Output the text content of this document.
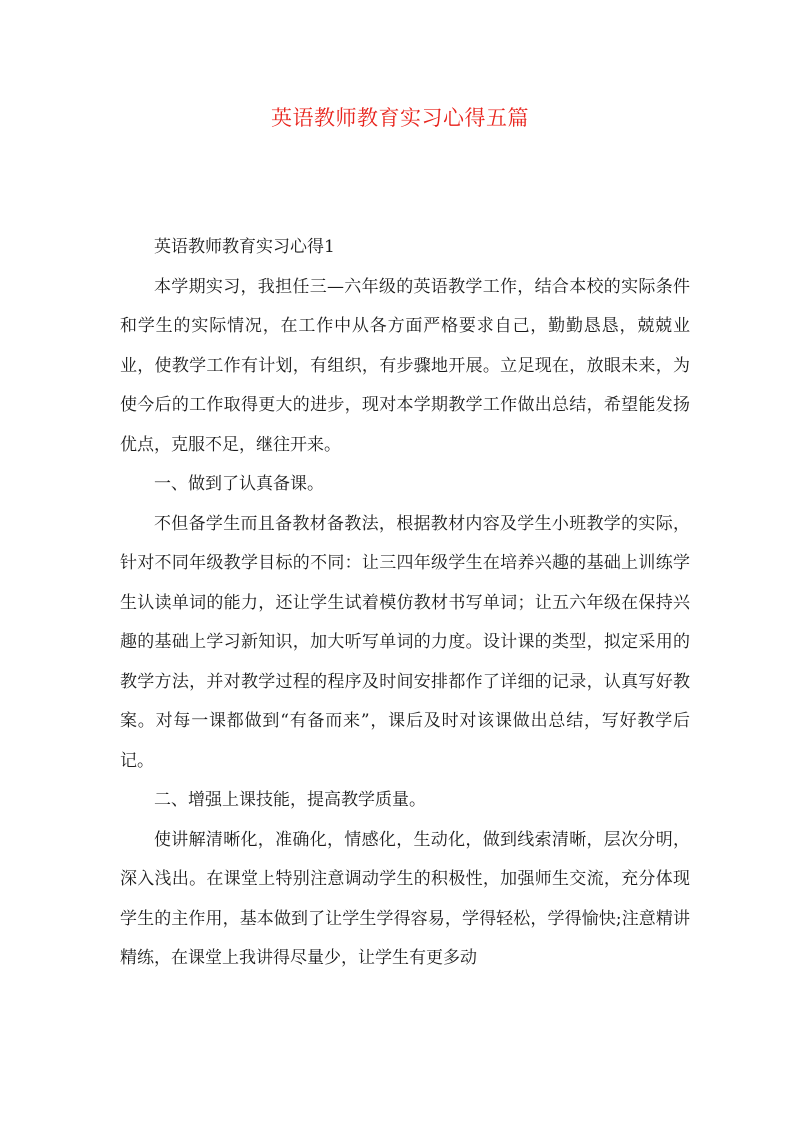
英语教师教育实习心得五篇

英语教师教育实习心得1

本学期实习，我担任三—六年级的英语教学工作，结合本校的实际条件和学生的实际情况，在工作中从各方面严格要求自己，勤勤恳恳，兢兢业业，使教学工作有计划，有组织，有步骤地开展。立足现在，放眼未来，为使今后的工作取得更大的进步，现对本学期教学工作做出总结，希望能发扬优点，克服不足，继往开来。

一、做到了认真备课。

不但备学生而且备教材备教法，根据教材内容及学生小班教学的实际，针对不同年级教学目标的不同：让三四年级学生在培养兴趣的基础上训练学生认读单词的能力，还让学生试着模仿教材书写单词；让五六年级在保持兴趣的基础上学习新知识，加大听写单词的力度。设计课的类型，拟定采用的教学方法，并对教学过程的程序及时间安排都作了详细的记录，认真写好教案。对每一课都做到“有备而来”，课后及时对该课做出总结，写好教学后记。

二、增强上课技能，提高教学质量。

使讲解清晰化，准确化，情感化，生动化，做到线索清晰，层次分明，深入浅出。在课堂上特别注意调动学生的积极性，加强师生交流，充分体现学生的主作用，基本做到了让学生学得容易，学得轻松，学得愉快;注意精讲精练，在课堂上我讲得尽量少，让学生有更多动
